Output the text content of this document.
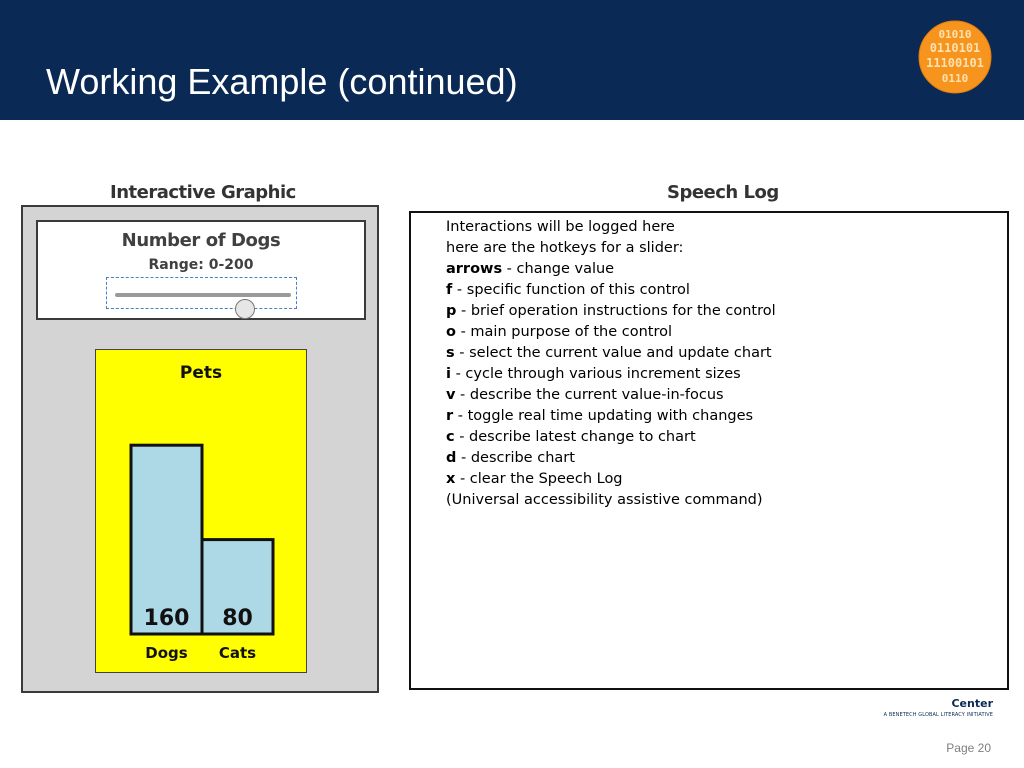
Working Example (continued)
01010
0110101
11100101
0110
Interactive Graphic	Speech Log
Number of Dogs
Range: 0-200
Pets
160
Dogs
80
Cats
Interactions will be logged here
here are the hotkeys for a slider:
arrows - change value
f - specific function of this control
p - brief operation instructions for the control
o - main purpose of the control
s - select the current value and update chart
i - cycle through various increment sizes
v - describe the current value-in-focus
r - toggle real time updating with changes
c - describe latest change to chart
d - describe chart
x - clear the Speech Log
(Universal accessibility assistive command)
Center
A BENETECH GLOBAL LITERACY INITIATIVE
Page 20
